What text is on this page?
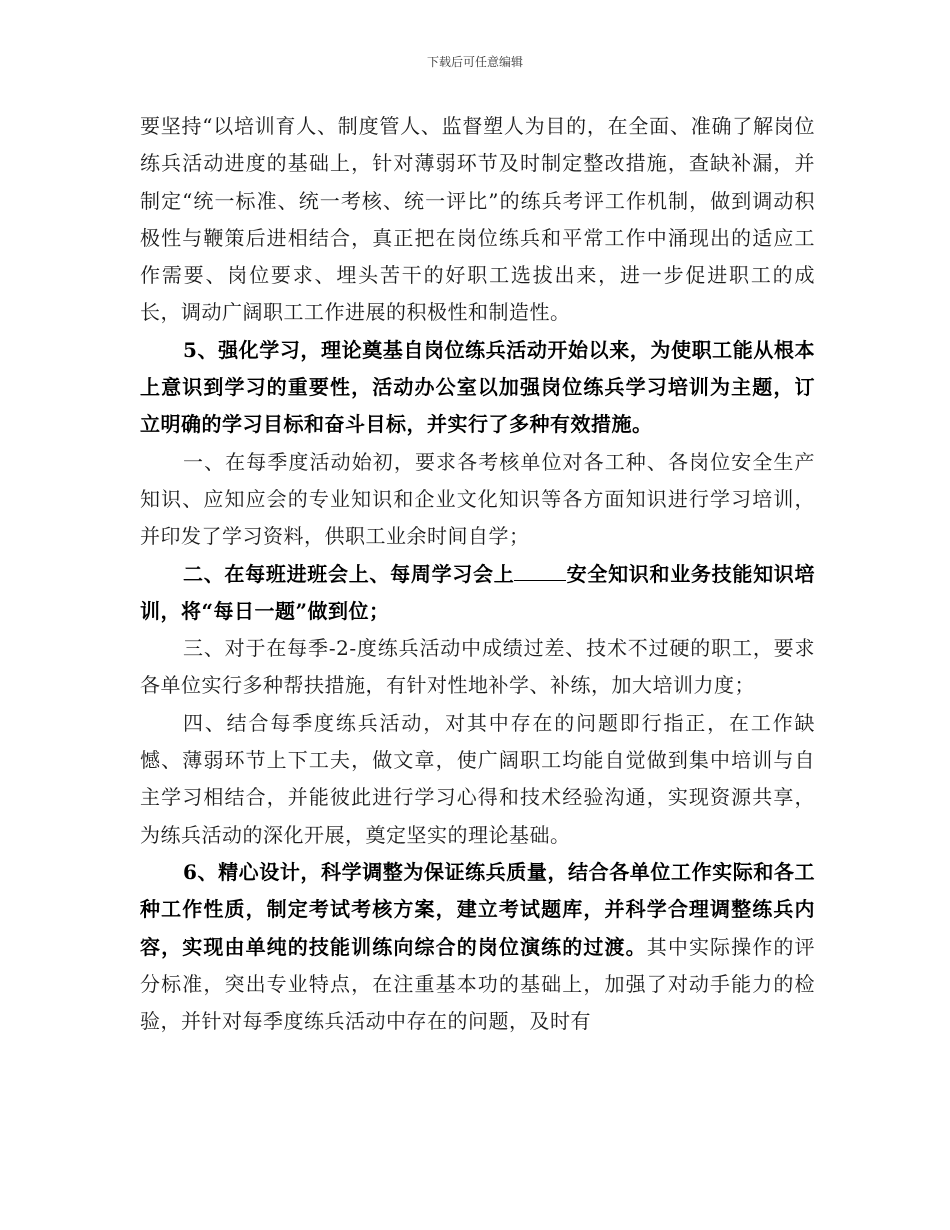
下载后可任意编辑

要坚持“以培训育人、制度管人、监督塑人为目的，在全面、准确了解岗位练兵活动进度的基础上，针对薄弱环节及时制定整改措施，查缺补漏，并制定“统一标准、统一考核、统一评比”的练兵考评工作机制，做到调动积极性与鞭策后进相结合，真正把在岗位练兵和平常工作中涌现出的适应工作需要、岗位要求、埋头苦干的好职工选拔出来，进一步促进职工的成长，调动广阔职工工作进展的积极性和制造性。

5、强化学习，理论奠基自岗位练兵活动开始以来，为使职工能从根本上意识到学习的重要性，活动办公室以加强岗位练兵学习培训为主题，订立明确的学习目标和奋斗目标，并实行了多种有效措施。

一、在每季度活动始初，要求各考核单位对各工种、各岗位安全生产知识、应知应会的专业知识和企业文化知识等各方面知识进行学习培训，并印发了学习资料，供职工业余时间自学；

二、在每班进班会上、每周学习会上	安全知识和业务技能知识培训，将“每日一题”做到位；

三、对于在每季-2-度练兵活动中成绩过差、技术不过硬的职工，要求各单位实行多种帮扶措施，有针对性地补学、补练，加大培训力度；

四、结合每季度练兵活动，对其中存在的问题即行指正，在工作缺憾、薄弱环节上下工夫，做文章，使广阔职工均能自觉做到集中培训与自主学习相结合，并能彼此进行学习心得和技术经验沟通，实现资源共享，为练兵活动的深化开展，奠定坚实的理论基础。

6、精心设计，科学调整为保证练兵质量，结合各单位工作实际和各工种工作性质，制定考试考核方案，建立考试题库，并科学合理调整练兵内容，实现由单纯的技能训练向综合的岗位演练的过渡。其中实际操作的评分标准，突出专业特点，在注重基本功的基础上，加强了对动手能力的检验，并针对每季度练兵活动中存在的问题，及时有
